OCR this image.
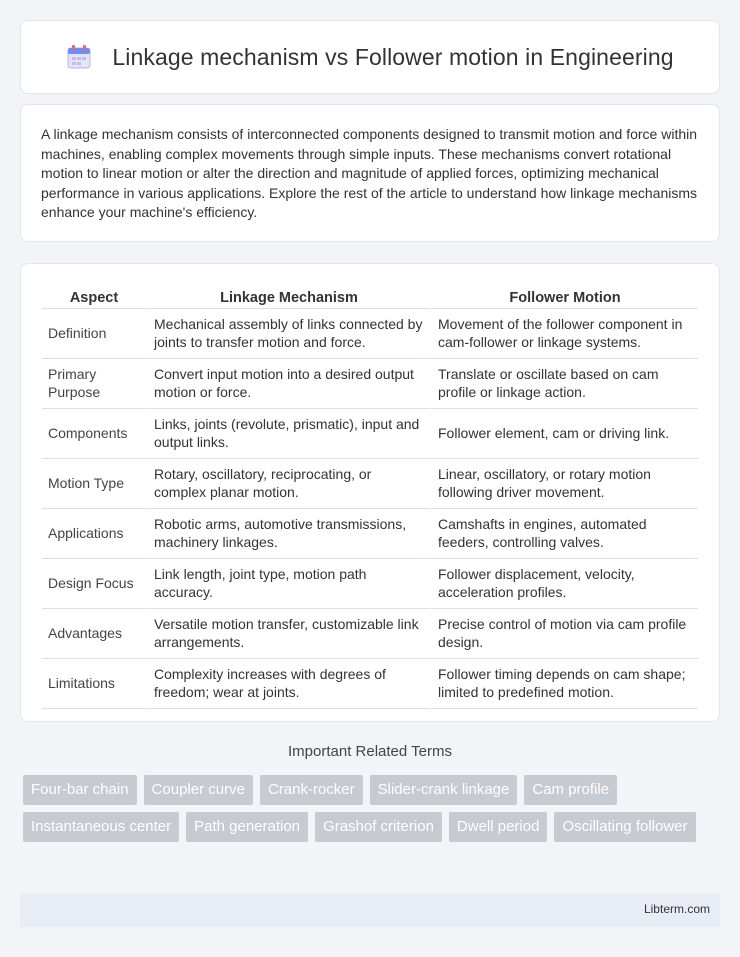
Linkage mechanism vs Follower motion in Engineering

A linkage mechanism consists of interconnected components designed to transmit motion and force within machines, enabling complex movements through simple inputs. These mechanisms convert rotational motion to linear motion or alter the direction and magnitude of applied forces, optimizing mechanical performance in various applications. Explore the rest of the article to understand how linkage mechanisms enhance your machine's efficiency.

Aspect	Linkage Mechanism	Follower Motion
Definition	Mechanical assembly of links connected by joints to transfer motion and force.	Movement of the follower component in cam-follower or linkage systems.
Primary Purpose	Convert input motion into a desired output motion or force.	Translate or oscillate based on cam profile or linkage action.
Components	Links, joints (revolute, prismatic), input and output links.	Follower element, cam or driving link.
Motion Type	Rotary, oscillatory, reciprocating, or complex planar motion.	Linear, oscillatory, or rotary motion following driver movement.
Applications	Robotic arms, automotive transmissions, machinery linkages.	Camshafts in engines, automated feeders, controlling valves.
Design Focus	Link length, joint type, motion path accuracy.	Follower displacement, velocity, acceleration profiles.
Advantages	Versatile motion transfer, customizable link arrangements.	Precise control of motion via cam profile design.
Limitations	Complexity increases with degrees of freedom; wear at joints.	Follower timing depends on cam shape; limited to predefined motion.
Important Related Terms
Four-bar chain	Coupler curve	Crank-rocker	Slider-crank linkage	Cam profile
Instantaneous center	Path generation	Grashof criterion	Dwell period	Oscillating follower
Libterm.com
